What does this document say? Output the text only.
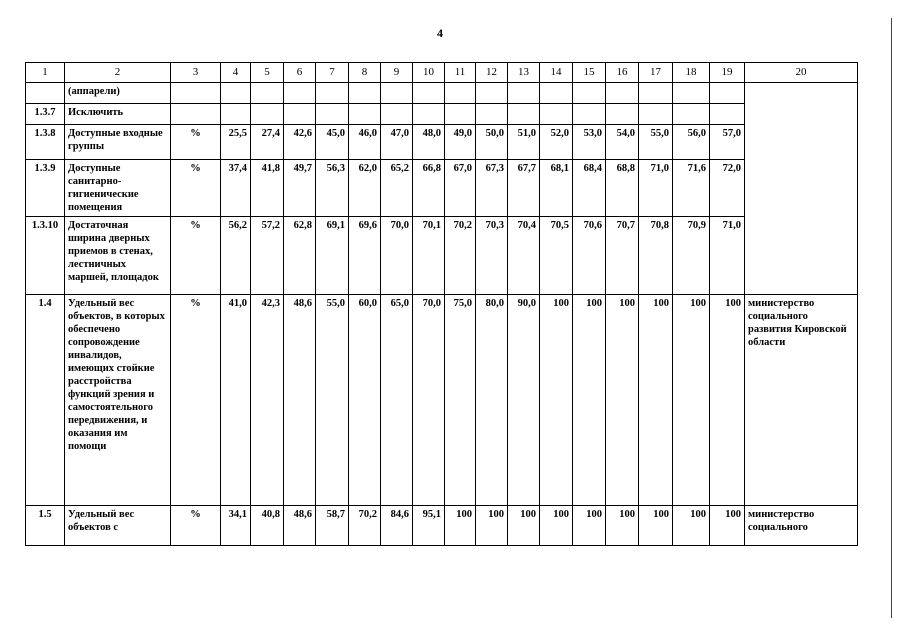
4
1	2	3	4	5	6	7	8	9	10	11	12	13	14	15	16	17	18	19	20

	(аппарели)																		

1.3.7	Исключить																		

1.3.8	Доступные входные группы	%	25,5	27,4	42,6	45,0	46,0	47,0	48,0	49,0	50,0	51,0	52,0	53,0	54,0	55,0	56,0	57,0	
1.3.9	Доступные санитарно-гигиенические помещения	%	37,4	41,8	49,7	56,3	62,0	65,2	66,8	67,0	67,3	67,7	68,1	68,4	68,8	71,0	71,6	72,0	
1.3.10	Достаточная ширина дверных приемов в стенах, лестничных маршей, площадок	%	56,2	57,2	62,8	69,1	69,6	70,0	70,1	70,2	70,3	70,4	70,5	70,6	70,7	70,8	70,9	71,0	
1.4	Удельный вес объектов, в которых обеспечено сопровождение инвалидов, имеющих стойкие расстройства функций зрения и самостоятельного передвижения, и оказания им помощи	%	41,0	42,3	48,6	55,0	60,0	65,0	70,0	75,0	80,0	90,0	100	100	100	100	100	100	министерство социального развития Кировской области
1.5	Удельный вес объектов с	%	34,1	40,8	48,6	58,7	70,2	84,6	95,1	100	100	100	100	100	100	100	100	100	министерство социального
